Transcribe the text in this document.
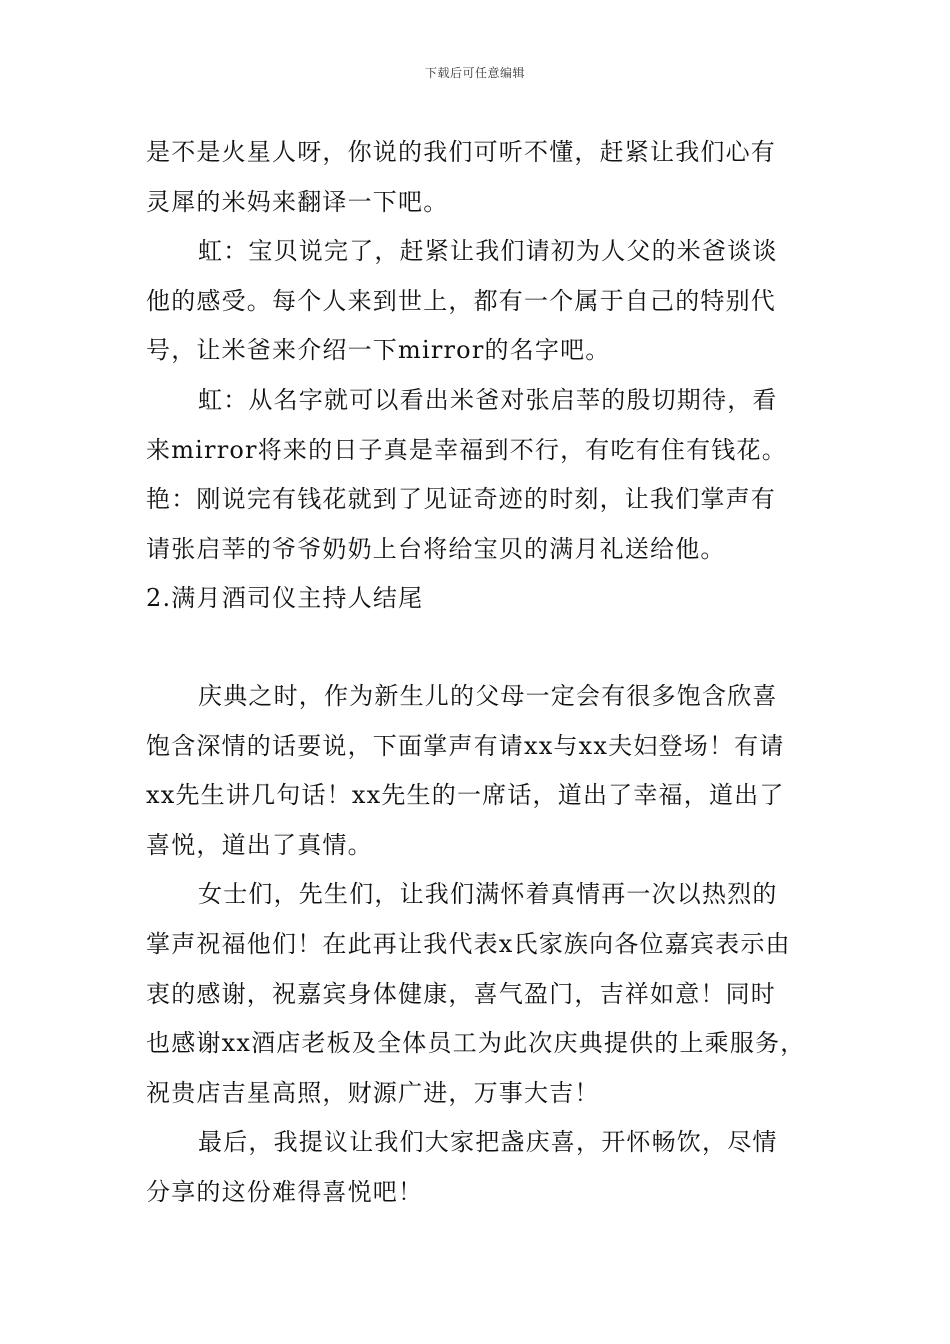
下载后可任意编辑

是不是火星人呀，你说的我们可听不懂，赶紧让我们心有
灵犀的米妈来翻译一下吧。

虹：宝贝说完了，赶紧让我们请初为人父的米爸谈谈
他的感受。每个人来到世上，都有一个属于自己的特别代
号，让米爸来介绍一下mirror的名字吧。

虹：从名字就可以看出米爸对张启莘的殷切期待，看
来mirror将来的日子真是幸福到不行，有吃有住有钱花。

艳：刚说完有钱花就到了见证奇迹的时刻，让我们掌声有
请张启莘的爷爷奶奶上台将给宝贝的满月礼送给他。

2.满月酒司仪主持人结尾

庆典之时，作为新生儿的父母一定会有很多饱含欣喜
饱含深情的话要说，下面掌声有请xx与xx夫妇登场！有请
xx先生讲几句话！xx先生的一席话，道出了幸福，道出了
喜悦，道出了真情。

女士们，先生们，让我们满怀着真情再一次以热烈的
掌声祝福他们！在此再让我代表x氏家族向各位嘉宾表示由
衷的感谢，祝嘉宾身体健康，喜气盈门，吉祥如意！同时
也感谢xx酒店老板及全体员工为此次庆典提供的上乘服务，
祝贵店吉星高照，财源广进，万事大吉！

最后，我提议让我们大家把盏庆喜，开怀畅饮，尽情
分享的这份难得喜悦吧！
